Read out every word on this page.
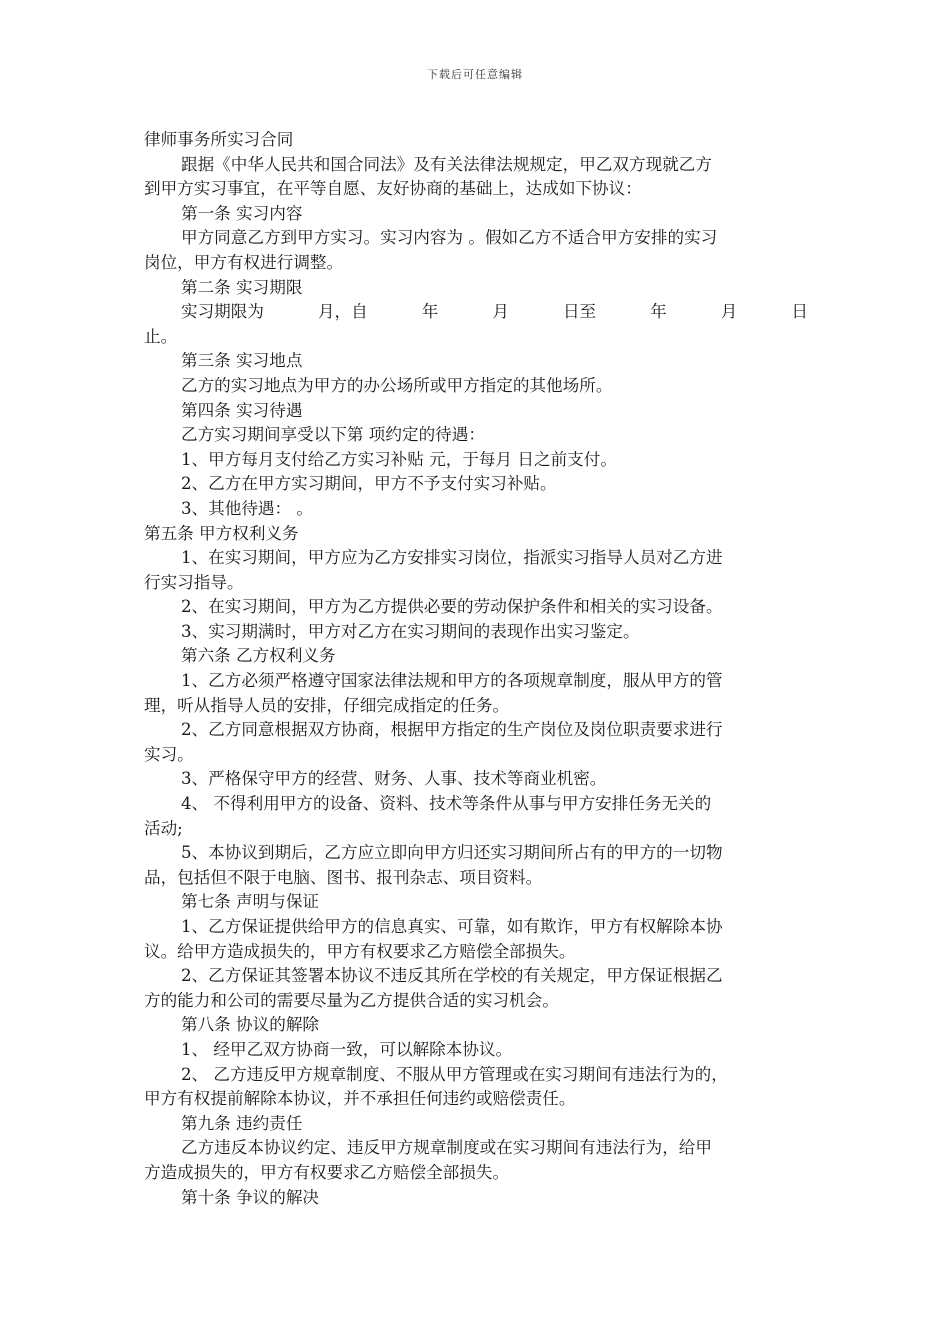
下载后可任意编辑
律师事务所实习合同
跟据《中华人民共和国合同法》及有关法律法规规定，甲乙双方现就乙方
到甲方实习事宜，在平等自愿、友好协商的基础上，达成如下协议：
第一条 实习内容
甲方同意乙方到甲方实习。实习内容为 。假如乙方不适合甲方安排的实习
岗位，甲方有权进行调整。
第二条 实习期限
实习期限为	月，自	年	月	日至	年	月	日
止。
第三条 实习地点
乙方的实习地点为甲方的办公场所或甲方指定的其他场所。
第四条 实习待遇
乙方实习期间享受以下第 项约定的待遇：
1、甲方每月支付给乙方实习补贴 元，于每月 日之前支付。
2、乙方在甲方实习期间，甲方不予支付实习补贴。
3、其他待遇： 。
第五条 甲方权利义务
1、在实习期间，甲方应为乙方安排实习岗位，指派实习指导人员对乙方进
行实习指导。
2、在实习期间，甲方为乙方提供必要的劳动保护条件和相关的实习设备。
3、实习期满时，甲方对乙方在实习期间的表现作出实习鉴定。
第六条 乙方权利义务
1、乙方必须严格遵守国家法律法规和甲方的各项规章制度，服从甲方的管
理，听从指导人员的安排，仔细完成指定的任务。
2、乙方同意根据双方协商，根据甲方指定的生产岗位及岗位职责要求进行
实习。
3、严格保守甲方的经营、财务、人事、技术等商业机密。
4、 不得利用甲方的设备、资料、技术等条件从事与甲方安排任务无关的
活动;
5、本协议到期后，乙方应立即向甲方归还实习期间所占有的甲方的一切物
品，包括但不限于电脑、图书、报刊杂志、项目资料。
第七条 声明与保证
1、乙方保证提供给甲方的信息真实、可靠，如有欺诈，甲方有权解除本协
议。给甲方造成损失的，甲方有权要求乙方赔偿全部损失。
2、乙方保证其签署本协议不违反其所在学校的有关规定，甲方保证根据乙
方的能力和公司的需要尽量为乙方提供合适的实习机会。
第八条 协议的解除
1、 经甲乙双方协商一致，可以解除本协议。
2、 乙方违反甲方规章制度、不服从甲方管理或在实习期间有违法行为的，
甲方有权提前解除本协议，并不承担任何违约或赔偿责任。
第九条 违约责任
乙方违反本协议约定、违反甲方规章制度或在实习期间有违法行为，给甲
方造成损失的，甲方有权要求乙方赔偿全部损失。
第十条 争议的解决
